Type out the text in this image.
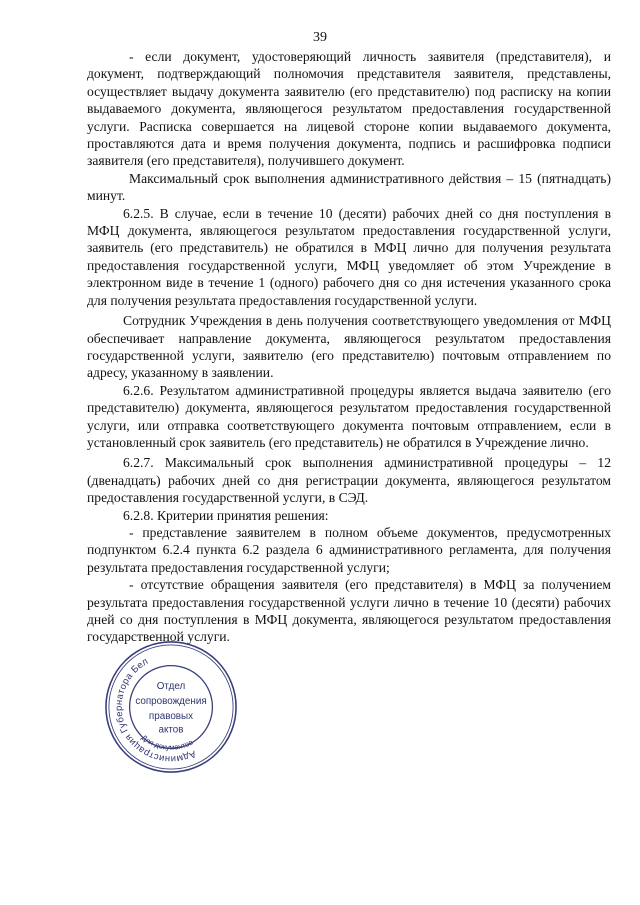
39

- если документ, удостоверяющий личность заявителя (представителя), и документ, подтверждающий полномочия представителя заявителя, представлены, осуществляет выдачу документа заявителю (его представителю) под расписку на копии выдаваемого документа, являющегося результатом предоставления государственной услуги. Расписка совершается на лицевой стороне копии выдаваемого документа, проставляются дата и время получения документа, подпись и расшифровка подписи заявителя (его представителя), получившего документ.

Максимальный срок выполнения административного действия – 15 (пятнадцать) минут.

6.2.5. В случае, если в течение 10 (десяти) рабочих дней со дня поступления в МФЦ документа, являющегося результатом предоставления государственной услуги, заявитель (его представитель) не обратился в МФЦ лично для получения результата предоставления государственной услуги, МФЦ уведомляет об этом Учреждение в электронном виде в течение 1 (одного) рабочего дня со дня истечения указанного срока для получения результата предоставления государственной услуги.

Сотрудник Учреждения в день получения соответствующего уведомления от МФЦ обеспечивает направление документа, являющегося результатом предоставления государственной услуги, заявителю (его представителю) почтовым отправлением по адресу, указанному в заявлении.

6.2.6. Результатом административной процедуры является выдача заявителю (его представителю) документа, являющегося результатом предоставления государственной услуги, или отправка соответствующего документа почтовым отправлением, если в установленный срок заявитель (его представитель) не обратился в Учреждение лично.

6.2.7. Максимальный срок выполнения административной процедуры – 12 (двенадцать) рабочих дней со дня регистрации документа, являющегося результатом предоставления государственной услуги, в СЭД.

6.2.8. Критерии принятия решения:

- представление заявителем в полном объеме документов, предусмотренных подпунктом 6.2.4 пункта 6.2 раздела 6 административного регламента, для получения результата предоставления государственной услуги;

- отсутствие обращения заявителя (его представителя) в МФЦ за получением результата предоставления государственной услуги лично в течение 10 (десяти) рабочих дней со дня поступления в МФЦ документа, являющегося результатом предоставления государственной услуги.

Администрация Губернатора Белгородской
Для документов
Отдел
сопровождения
правовых
актов
